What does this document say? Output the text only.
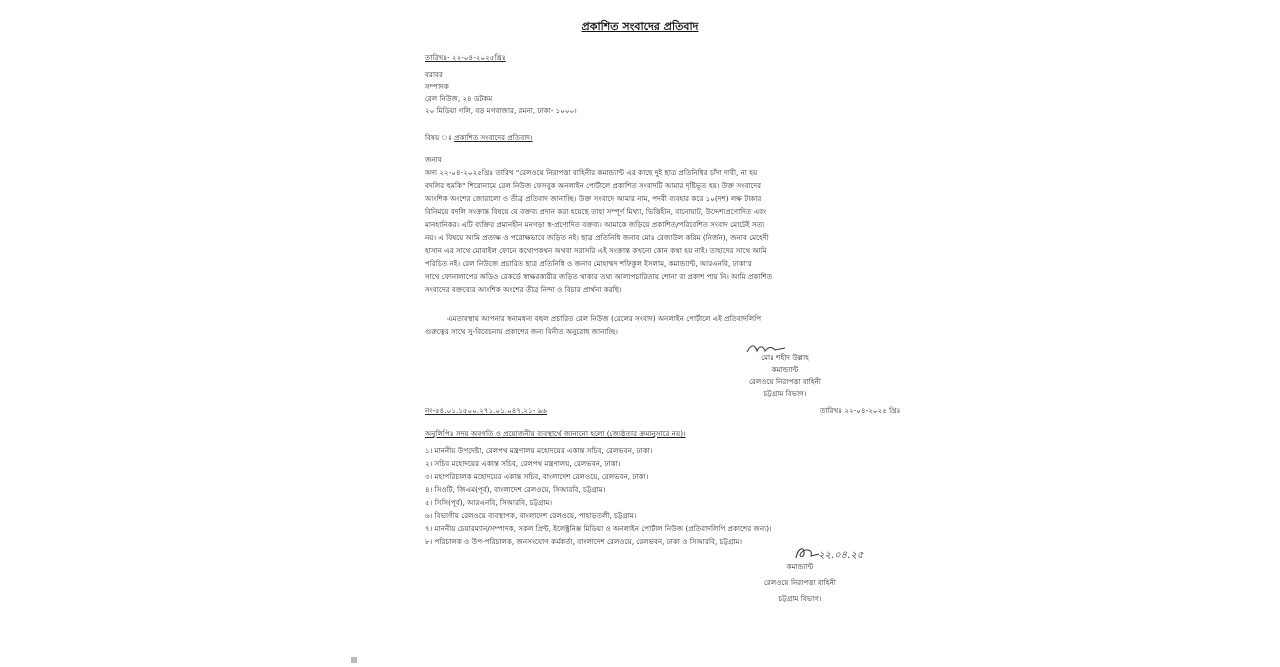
প্রকাশিত সংবাদের প্রতিবাদ
তারিখঃ- ২২-০৪-২০২৫খ্রিঃ
বরাবর
সম্পাদক
রেল নিউজ, ২৪ ডটকম
২০ মিডিয়া গলি, বড় মগবাজার, রমনা, ঢাকা- ১০০০।
বিষয় ঃ প্রকাশিত সংবাদের প্রতিবাদ।
জনাব
অদ্য ২২-০৪-২০২৫খ্রিঃ তারিখ "রেলওয়ে নিরাপত্তা বাহিনীর কমান্ড্যান্ট এর কাছে দুই ছাত্র প্রতিনিধির চাঁদা দাবী, না হয়
বদলির হুমকি" শিরোনামে রেল নিউজ ফেসবুক অনলাইন পোর্টালে প্রকাশিত সংবাদটি আমার দৃষ্টিভূত হয়। উক্ত সংবাদের
আংশিক অংশের জোরালো ও তীব্র প্রতিবাদ জানাচ্ছি। উক্ত সংবাদে আমার নাম, পদবী ব্যবহার করে ১০(দশ) লক্ষ টাকার
বিনিময়ে বদলি সংক্রান্ত বিষয়ে যে বক্তব্য প্রদান করা হয়েছে তাহা সম্পূর্ণ মিথ্যা, ভিত্তিহীন, বানোয়াট, উদ্দেশ্যপ্রণোদিত এবং
মানহানিকর। এটি ব্যক্তির প্রমানহীন মনগড়া স্ব-প্রণোদিত বক্তব্য। আমাকে জড়িয়ে প্রকাশিত/পরিবেশিত সংবাদ মোটেই সত্য
নয়। এ বিষয়ে আমি প্রত্যক্ষ ও পরোক্ষভাবে জড়িত নই। ছাত্র প্রতিনিধি জনাব মোঃ রেজাউল করিম (নির্জন), জনাব মেহেদী
হাসান এর সাথে মোবাইল ফোনে কথোপকথন অথবা সরাসরি এই সংক্রান্ত কখনো কোন কথা হয় নাই। তাহাদের সাথে আমি
পরিচিত নই। রেল নিউজে প্রচারিত ছাত্র প্রতিনিধি ও জনাব মোহাম্মদ শফিকুল ইসলাম, কমান্ড্যান্ট, আরএনবি, ঢাকা'র
সাথে ফোনালাপের অডিও রেকর্ডে স্বাক্ষরকারীর জড়িত থাকার তথ্য আলাপচারিতায় শোনা বা প্রকাশ পায় নি। আমি প্রকাশিত
সংবাদের বক্তব্যের আংশিক অংশের তীব্র নিন্দা ও বিচার প্রার্থনা করছি।
এমতাবস্থায় আপনার স্বনামধন্য বহুল প্রচারিত রেল নিউজ (রেলের সংবাদ) অনলাইন পোর্টালে এই প্রতিবাদলিপি
গুরুত্বের সাথে সু-বিবেচনায় প্রকাশের জন্য বিনীত অনুরোধ জানাচ্ছি।
মোঃ শহীদ উল্লাহ
কমান্ড্যান্ট
রেলওয়ে নিরাপত্তা বাহিনী
চট্টগ্রাম বিভাগ।
নং-৫৪.০১.১৫০০.২৭১.০১.০৪৭.২১- ৯৬	তারিখঃ ২২-০৪-২০২৫ খ্রিঃ
অনুলিপিঃ সদয় অবগতি ও প্রয়োজনীয় ব্যবস্থার্থে জানানো হলো (জ্যেষ্ঠতার ক্রমানুসারে নয়)।
১। মাননীয় উপদেষ্টা, রেলপথ মন্ত্রণালয় মহোদয়ের একান্ত সচিব, রেলভবন, ঢাকা।
২। সচিব মহোদয়ের একান্ত সচিব, রেলপথ মন্ত্রণালয়, রেলভবন, ঢাকা।
৩। মহাপরিচালক মহোদয়ের একান্ত সচিব, বাংলাদেশ রেলওয়ে, রেলভবন, ঢাকা।
৪। সিওটি, জিএম(পূর্ব), বাংলাদেশ রেলওয়ে, সিআরবি, চট্টগ্রাম।
৫। সিসি(পূর্ব), আরএনবি, সিআরবি, চট্টগ্রাম।
৬। বিভাগীয় রেলওয়ে ব্যবস্থাপক, বাংলাদেশ রেলওয়ে, পাহাড়তলী, চট্টগ্রাম।
৭। মাননীয় চেয়ারম্যান/সম্পাদক, সকল প্রিন্ট, ইলেক্ট্রনিক্স মিডিয়া ও অনলাইন পোর্টাল নিউজ (প্রতিবাদলিপি প্রকাশের জন্য)।
৮। পরিচালক ও উপ-পরিচালক, জনসংযোগ কর্মকর্তা, বাংলাদেশ রেলওয়ে, রেলভবন, ঢাকা ও সিআরবি, চট্টগ্রাম।
২২.০৪.২৫
কমান্ড্যান্ট
রেলওয়ে নিরাপত্তা বাহিনী
চট্টগ্রাম বিভাগ।
